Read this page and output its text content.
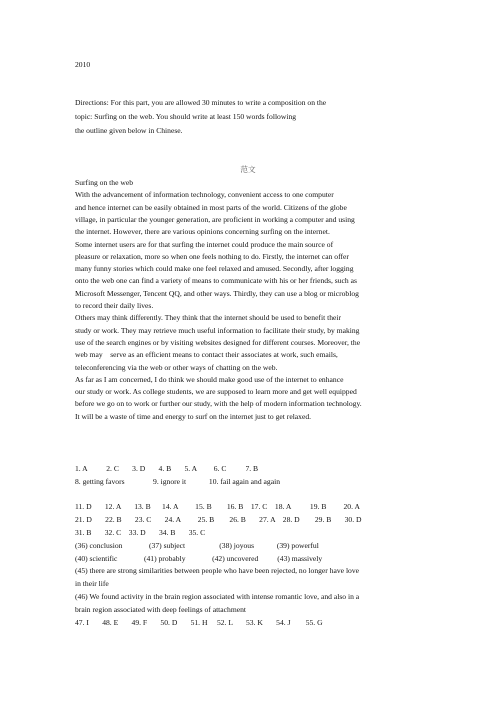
2010
Directions: For this part, you are allowed 30 minutes to write a composition on the
topic: Surfing on the web. You should write at least 150 words following
the outline given below in Chinese.
范文
Surfing on the web
With the advancement of information technology, convenient access to one computer
and hence internet can be easily obtained in most parts of the world. Citizens of the globe
village, in particular the younger generation, are proficient in working a computer and using
the internet. However, there are various opinions concerning surfing on the internet.
Some internet users are for that surfing the internet could produce the main source of
pleasure or relaxation, more so when one feels nothing to do. Firstly, the internet can offer
many funny stories which could make one feel relaxed and amused. Secondly, after logging
onto the web one can find a variety of means to communicate with his or her friends, such as
Microsoft Messenger, Tencent QQ, and other ways. Thirdly, they can use a blog or microblog
to record their daily lives.
Others may think differently. They think that the internet should be used to benefit their
study or work. They may retrieve much useful information to facilitate their study, by making
use of the search engines or by visiting websites designed for different courses. Moreover, the
web may    serve as an efficient means to contact their associates at work, such emails,
teleconferencing via the web or other ways of chatting on the web.
As far as I am concerned, I do think we should make good use of the internet to enhance
our study or work. As college students, we are supposed to learn more and get well equipped
before we go on to work or further our study, with the help of modern information technology.
It will be a waste of time and energy to surf on the internet just to get relaxed.
1. A          2. C       3. D       4. B       5. A         6. C          7. B
8. getting favors               9. ignore it            10. fail again and again
11. D       12. A       13. B      14. A         15. B        16. B    17. C    18. A          19. B         20. A
21. D       22. B       23. C       24. A         25. B        26. B       27. A    28. D        29. B       30. D
31. B       32. C    33. D       34. B       35. C
(36) conclusion              (37) subject                  (38) joyous            (39) powerful
(40) scientific              (41) probably              (42) uncovered          (43) massively
(45) there are strong similarities between people who have been rejected, no longer have love
in their life
(46) We found activity in the brain region associated with intense romantic love, and also in a
brain region associated with deep feelings of attachment
47. I       48. E       49. F       50. D       51. H     52. L       53. K       54. J        55. G
